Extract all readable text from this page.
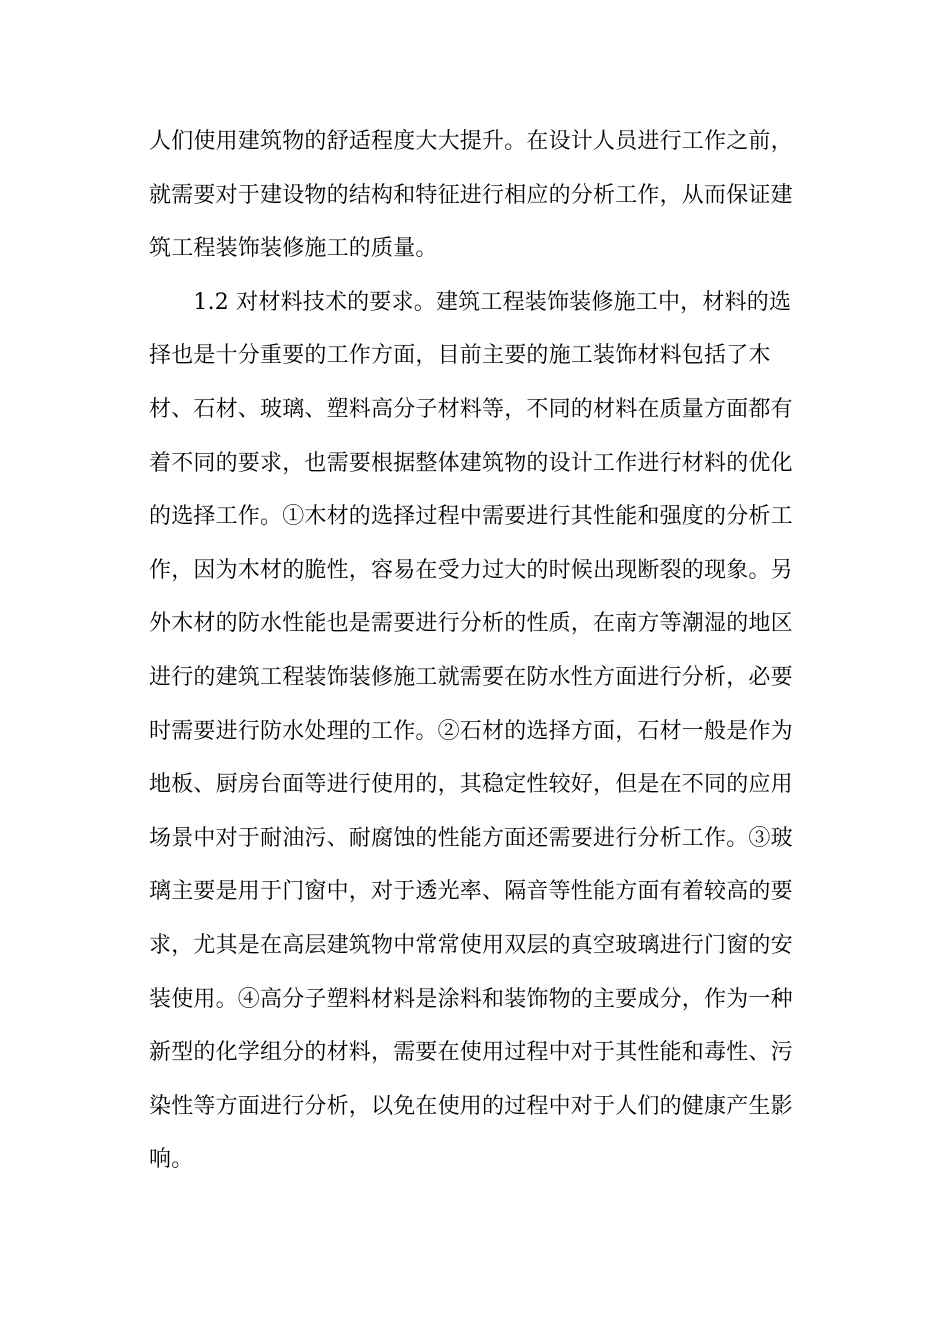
人们使用建筑物的舒适程度大大提升。在设计人员进行工作之前，
就需要对于建设物的结构和特征进行相应的分析工作，从而保证建
筑工程装饰装修施工的质量。
　　1.2 对材料技术的要求。建筑工程装饰装修施工中，材料的选
择也是十分重要的工作方面，目前主要的施工装饰材料包括了木
材、石材、玻璃、塑料高分子材料等，不同的材料在质量方面都有
着不同的要求，也需要根据整体建筑物的设计工作进行材料的优化
的选择工作。①木材的选择过程中需要进行其性能和强度的分析工
作，因为木材的脆性，容易在受力过大的时候出现断裂的现象。另
外木材的防水性能也是需要进行分析的性质，在南方等潮湿的地区
进行的建筑工程装饰装修施工就需要在防水性方面进行分析，必要
时需要进行防水处理的工作。②石材的选择方面，石材一般是作为
地板、厨房台面等进行使用的，其稳定性较好，但是在不同的应用
场景中对于耐油污、耐腐蚀的性能方面还需要进行分析工作。③玻
璃主要是用于门窗中，对于透光率、隔音等性能方面有着较高的要
求，尤其是在高层建筑物中常常使用双层的真空玻璃进行门窗的安
装使用。④高分子塑料材料是涂料和装饰物的主要成分，作为一种
新型的化学组分的材料，需要在使用过程中对于其性能和毒性、污
染性等方面进行分析，以免在使用的过程中对于人们的健康产生影
响。
